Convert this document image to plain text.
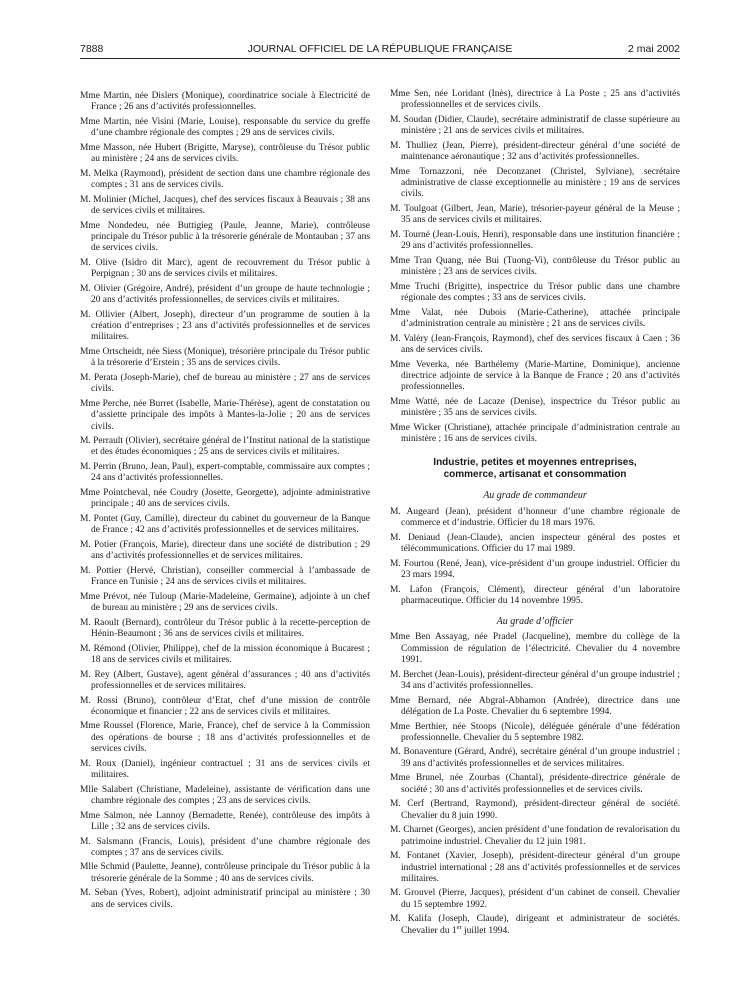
7888	JOURNAL OFFICIEL DE LA RÉPUBLIQUE FRANÇAISE	2 mai 2002

Mme Martin, née Dislers (Monique), coordinatrice sociale à Electricité de France ; 26 ans d’activités professionnelles.

Mme Martin, née Visini (Marie, Louise), responsable du service du greffe d’une chambre régionale des comptes ; 29 ans de services civils.

Mme Masson, née Hubert (Brigitte, Maryse), contrôleuse du Trésor public au ministère ; 24 ans de services civils.

M. Melka (Raymond), président de section dans une chambre régionale des comptes ; 31 ans de services civils.

M. Molinier (Michel, Jacques), chef des services fiscaux à Beauvais ; 38 ans de services civils et militaires.

Mme Nondedeu, née Buttigieg (Paule, Jeanne, Marie), contrôleuse principale du Trésor public à la trésorerie générale de Montauban ; 37 ans de services civils.

M. Olive (Isidro dit Marc), agent de recouvrement du Trésor public à Perpignan ; 30 ans de services civils et militaires.

M. Olivier (Grégoire, André), président d’un groupe de haute technologie ; 20 ans d’activités professionnelles, de services civils et militaires.

M. Ollivier (Albert, Joseph), directeur d’un programme de soutien à la création d’entreprises ; 23 ans d’activités professionnelles et de services militaires.

Mme Ortscheidt, née Siess (Monique), trésorière principale du Trésor public à la trésorerie d’Erstein ; 35 ans de services civils.

M. Perata (Joseph-Marie), chef de bureau au ministère ; 27 ans de services civils.

Mme Perche, née Burret (Isabelle, Marie-Thérèse), agent de constatation ou d’assiette principale des impôts à Mantes-la-Jolie ; 20 ans de services civils.

M. Perrault (Olivier), secrétaire général de l’Institut national de la statistique et des études économiques ; 25 ans de services civils et militaires.

M. Perrin (Bruno, Jean, Paul), expert-comptable, commissaire aux comptes ; 24 ans d’activités professionnelles.

Mme Pointcheval, née Coudry (Josette, Georgette), adjointe administrative principale ; 40 ans de services civils.

M. Pontet (Guy, Camille), directeur du cabinet du gouverneur de la Banque de France ; 42 ans d’activités professionnelles et de services militaires.

M. Potier (François, Marie), directeur dans une société de distribution ; 29 ans d’activités professionnelles et de services militaires.

M. Pottier (Hervé, Christian), conseiller commercial à l’ambassade de France en Tunisie ; 24 ans de services civils et militaires.

Mme Prévot, née Tuloup (Marie-Madeleine, Germaine), adjointe à un chef de bureau au ministère ; 29 ans de services civils.

M. Raoult (Bernard), contrôleur du Trésor public à la recette-perception de Hénin-Beaumont ; 36 ans de services civils et militaires.

M. Rémond (Olivier, Philippe), chef de la mission économique à Bucarest ; 18 ans de services civils et militaires.

M. Rey (Albert, Gustave), agent général d’assurances ; 40 ans d’activités professionnelles et de services militaires.

M. Rossi (Bruno), contrôleur d’Etat, chef d’une mission de contrôle économique et financier ; 22 ans de services civils et militaires.

Mme Roussel (Florence, Marie, France), chef de service à la Commission des opérations de bourse ; 18 ans d’activités professionnelles et de services civils.

M. Roux (Daniel), ingénieur contractuel ; 31 ans de services civils et militaires.

Mlle Salabert (Christiane, Madeleine), assistante de vérification dans une chambre régionale des comptes ; 23 ans de services civils.

Mme Salmon, née Lannoy (Bernadette, Renée), contrôleuse des impôts à Lille ; 32 ans de services civils.

M. Salsmann (Francis, Louis), président d’une chambre régionale des comptes ; 37 ans de services civils.

Mlle Schmid (Paulette, Jeanne), contrôleuse principale du Trésor public à la trésorerie générale de la Somme ; 40 ans de services civils.

M. Seban (Yves, Robert), adjoint administratif principal au ministère ; 30 ans de services civils.

Mme Sen, née Loridant (Inès), directrice à La Poste ; 25 ans d’activités professionnelles et de services civils.

M. Soudan (Didier, Claude), secrétaire administratif de classe supérieure au ministère ; 21 ans de services civils et militaires.

M. Thulliez (Jean, Pierre), président-directeur général d’une société de maintenance aéronautique ; 32 ans d’activités professionnelles.

Mme Tornazzoni, née Deconzanet (Christel, Sylviane), secrétaire administrative de classe exceptionnelle au ministère ; 19 ans de services civils.

M. Toulgoat (Gilbert, Jean, Marie), trésorier-payeur général de la Meuse ; 35 ans de services civils et militaires.

M. Tourné (Jean-Louis, Henri), responsable dans une institution financière ; 29 ans d’activités professionnelles.

Mme Tran Quang, née Bui (Tuong-Vi), contrôleuse du Trésor public au ministère ; 23 ans de services civils.

Mme Truchi (Brigitte), inspectrice du Trésor public dans une chambre régionale des comptes ; 33 ans de services civils.

Mme Valat, née Dubois (Marie-Catherine), attachée principale d’administration centrale au ministère ; 21 ans de services civils.

M. Valéry (Jean-François, Raymond), chef des services fiscaux à Caen ; 36 ans de services civils.

Mme Veverka, née Barthélemy (Marie-Martine, Dominique), ancienne directrice adjointe de service à la Banque de France ; 20 ans d’activités professionnelles.

Mme Watté, née de Lacaze (Denise), inspectrice du Trésor public au ministère ; 35 ans de services civils.

Mme Wicker (Christiane), attachée principale d’administration centrale au ministère ; 16 ans de services civils.

Industrie, petites et moyennes entreprises,
commerce, artisanat et consommation
Au grade de commandeur

M. Augeard (Jean), président d’honneur d’une chambre régionale de commerce et d’industrie. Officier du 18 mars 1976.

M. Deniaud (Jean-Claude), ancien inspecteur général des postes et télécommunications. Officier du 17 mai 1989.

M. Fourtou (René, Jean), vice-président d’un groupe industriel. Officier du 23 mars 1994.

M. Lafon (François, Clément), directeur général d’un laboratoire pharmaceutique. Officier du 14 novembre 1995.

Au grade d’officier

Mme Ben Assayag, née Pradel (Jacqueline), membre du collège de la Commission de régulation de l’électricité. Chevalier du 4 novembre 1991.

M. Berchet (Jean-Louis), président-directeur général d’un groupe industriel ; 34 ans d’activités professionnelles.

Mme Bernard, née Abgral-Abhamon (Andrée), directrice dans une délégation de La Poste. Chevalier du 6 septembre 1994.

Mme Berthier, née Stoops (Nicole), déléguée générale d’une fédération professionnelle. Chevalier du 5 septembre 1982.

M. Bonaventure (Gérard, André), secrétaire général d’un groupe industriel ; 39 ans d’activités professionnelles et de services militaires.

Mme Brunel, née Zourbas (Chantal), présidente-directrice générale de société ; 30 ans d’activités professionnelles et de services civils.

M. Cerf (Bertrand, Raymond), président-directeur général de société. Chevalier du 8 juin 1990.

M. Charnet (Georges), ancien président d’une fondation de revalorisation du patrimoine industriel. Chevalier du 12 juin 1981.

M. Fontanet (Xavier, Joseph), président-directeur général d’un groupe industriel international ; 28 ans d’activités professionnelles et de services militaires.

M. Grouvel (Pierre, Jacques), président d’un cabinet de conseil. Chevalier du 15 septembre 1992.

M. Kalifa (Joseph, Claude), dirigeant et administrateur de sociétés. Chevalier du 1er juillet 1994.
